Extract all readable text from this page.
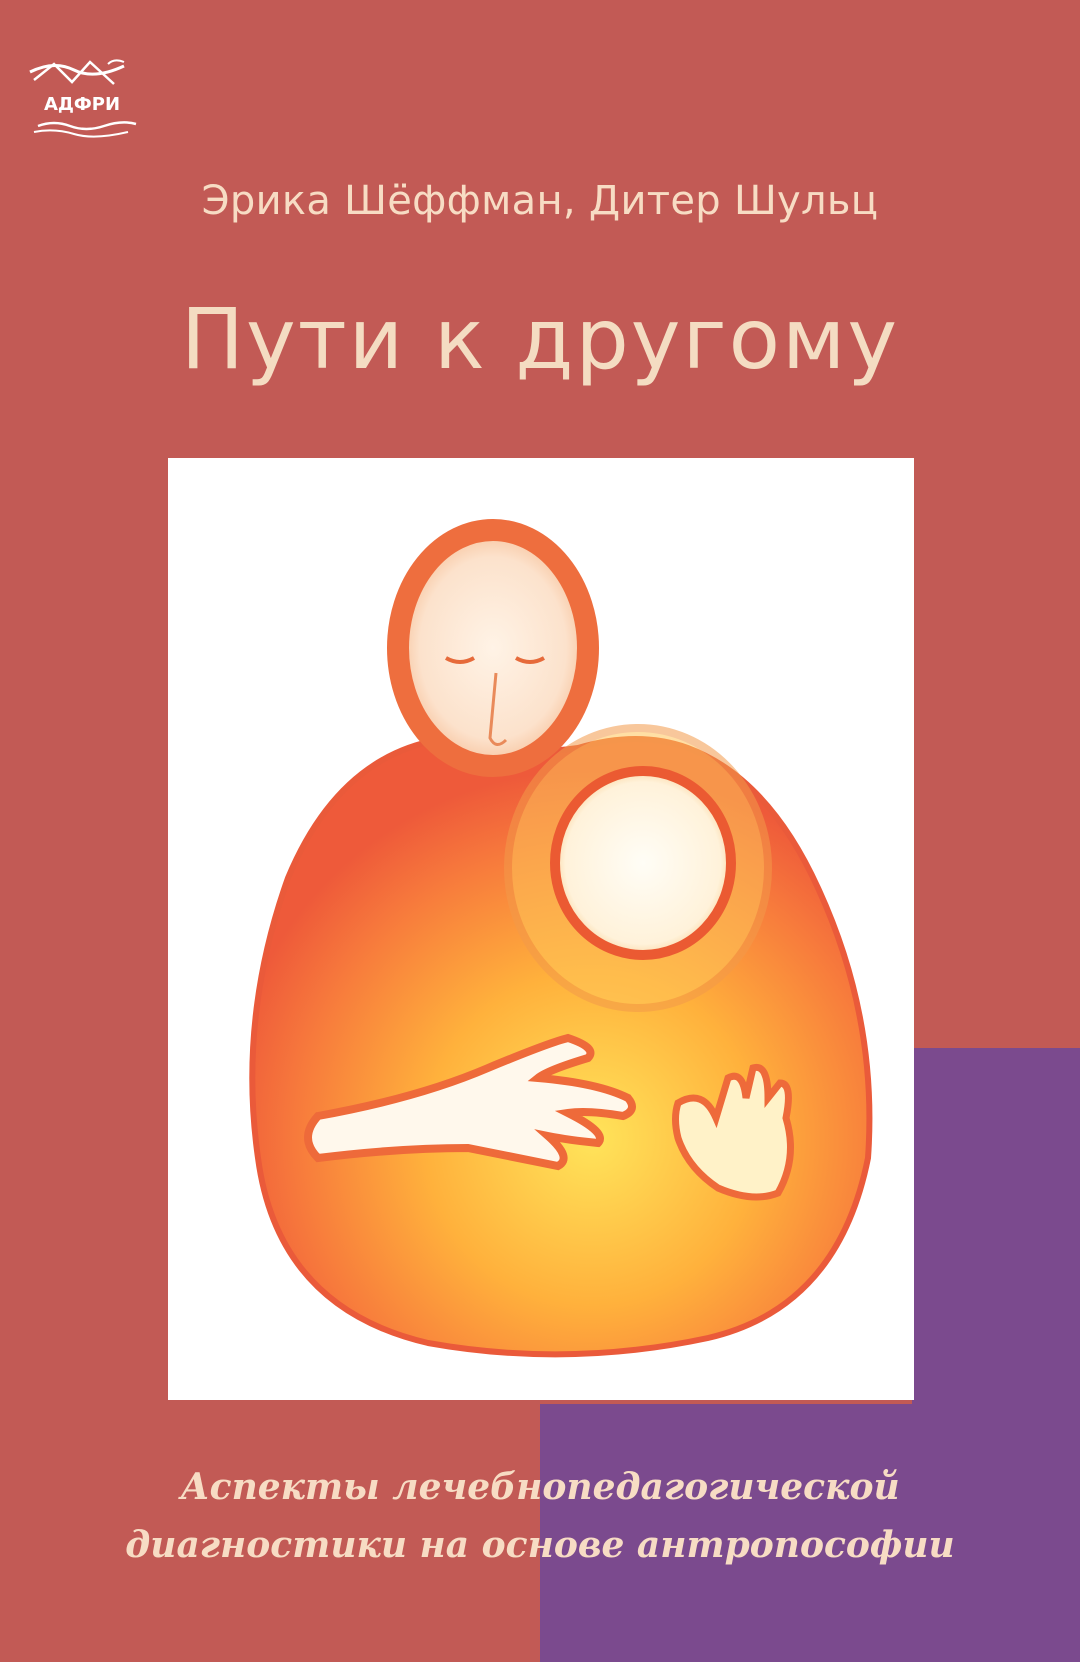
АДФРИ
Эрика Шёффман, Дитер Шульц
Пути к другому
Аспекты лечебнопедагогической
диагностики на основе антропософии
